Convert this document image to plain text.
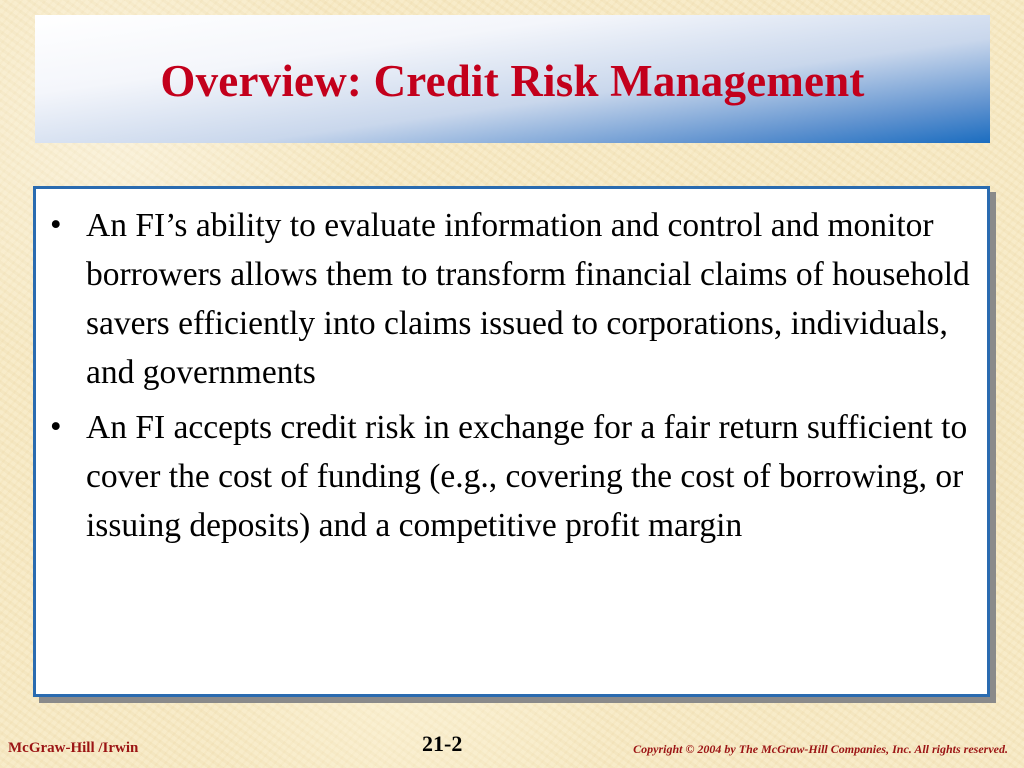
Overview: Credit Risk Management
• An FI’s ability to evaluate information and control and monitor borrowers allows them to transform financial claims of household savers efficiently into claims issued to corporations, individuals, and governments
• An FI accepts credit risk in exchange for a fair return sufficient to cover the cost of funding (e.g., covering the cost of borrowing, or issuing deposits) and a competitive profit margin
McGraw-Hill /Irwin	21-2	Copyright © 2004 by The McGraw-Hill Companies, Inc. All rights reserved.
